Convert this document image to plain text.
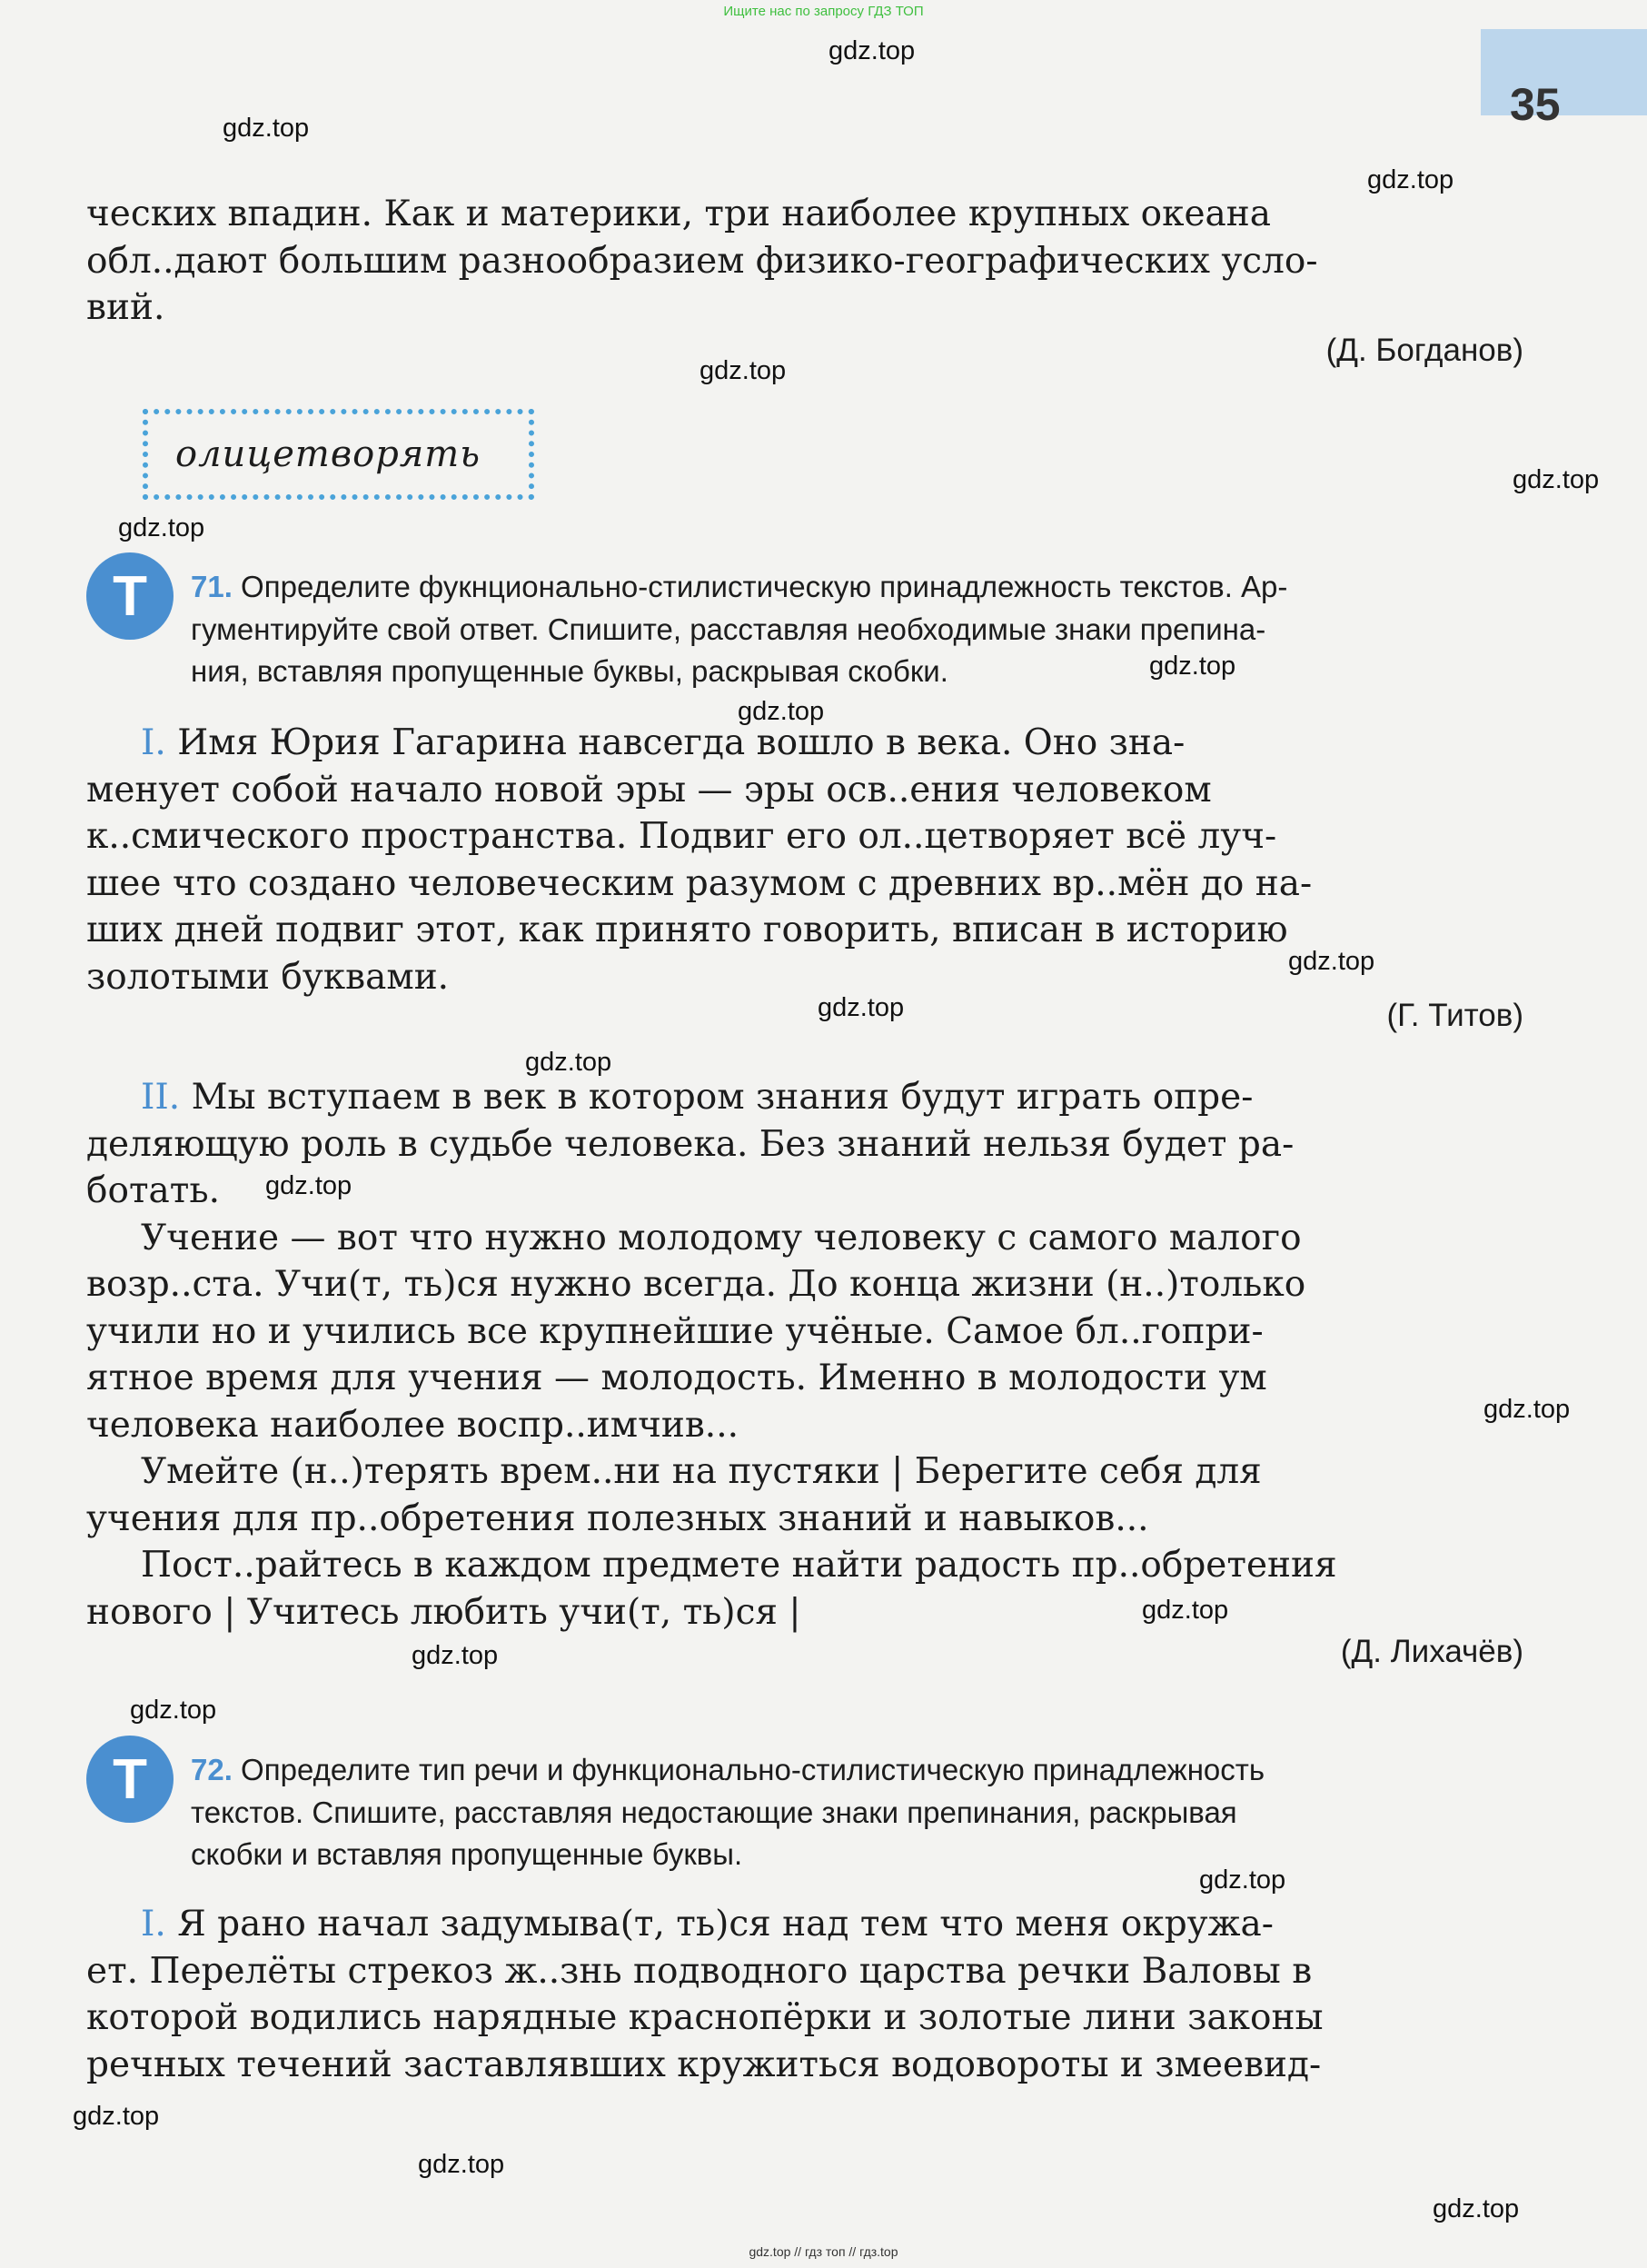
Ищите нас по запросу ГДЗ ТОП
35
gdz.top
gdz.top
gdz.top
gdz.top
gdz.top
gdz.top
gdz.top
gdz.top
gdz.top
gdz.top
gdz.top
gdz.top
gdz.top
gdz.top
gdz.top
gdz.top
gdz.top
gdz.top
gdz.top
gdz.top
ческих впадин. Как и материки, три наиболее крупных океана
обл..дают большим разнообразием физико-географических усло-
вий.
(Д. Богданов)
олицетворять
Т	71. Определите фукнционально-стилистическую принадлежность текстов. Ар-
гументируйте свой ответ. Спишите, расставляя необходимые знаки препина-
ния, вставляя пропущенные буквы, раскрывая скобки.
I. Имя Юрия Гагарина навсегда вошло в века. Оно зна-
менует собой начало новой эры — эры осв..ения человеком
к..смического пространства. Подвиг его ол..цетворяет всё луч-
шее что создано человеческим разумом с древних вр..мён до на-
ших дней подвиг этот, как принято говорить, вписан в историю
золотыми буквами.
(Г. Титов)
II. Мы вступаем в век в котором знания будут играть опре-
деляющую роль в судьбе человека. Без знаний нельзя будет ра-
ботать.
Учение — вот что нужно молодому человеку с самого малого
возр..ста. Учи(т, ть)ся нужно всегда. До конца жизни (н..)только
учили но и учились все крупнейшие учёные. Самое бл..гопри-
ятное время для учения — молодость. Именно в молодости ум
человека наиболее воспр..имчив...
Умейте (н..)терять врем..ни на пустяки | Берегите себя для
учения для пр..обретения полезных знаний и навыков...
Пост..райтесь в каждом предмете найти радость пр..обретения
нового | Учитесь любить учи(т, ть)ся |
(Д. Лихачёв)
Т	72. Определите тип речи и функционально-стилистическую принадлежность
текстов. Спишите, расставляя недостающие знаки препинания, раскрывая
скобки и вставляя пропущенные буквы.
I. Я рано начал задумыва(т, ть)ся над тем что меня окружа-
ет. Перелёты стрекоз ж..знь подводного царства речки Валовы в
которой водились нарядные краснопёрки и золотые лини законы
речных течений заставлявших кружиться водовороты и змеевид-
gdz.top // гдз топ // гдз.top
